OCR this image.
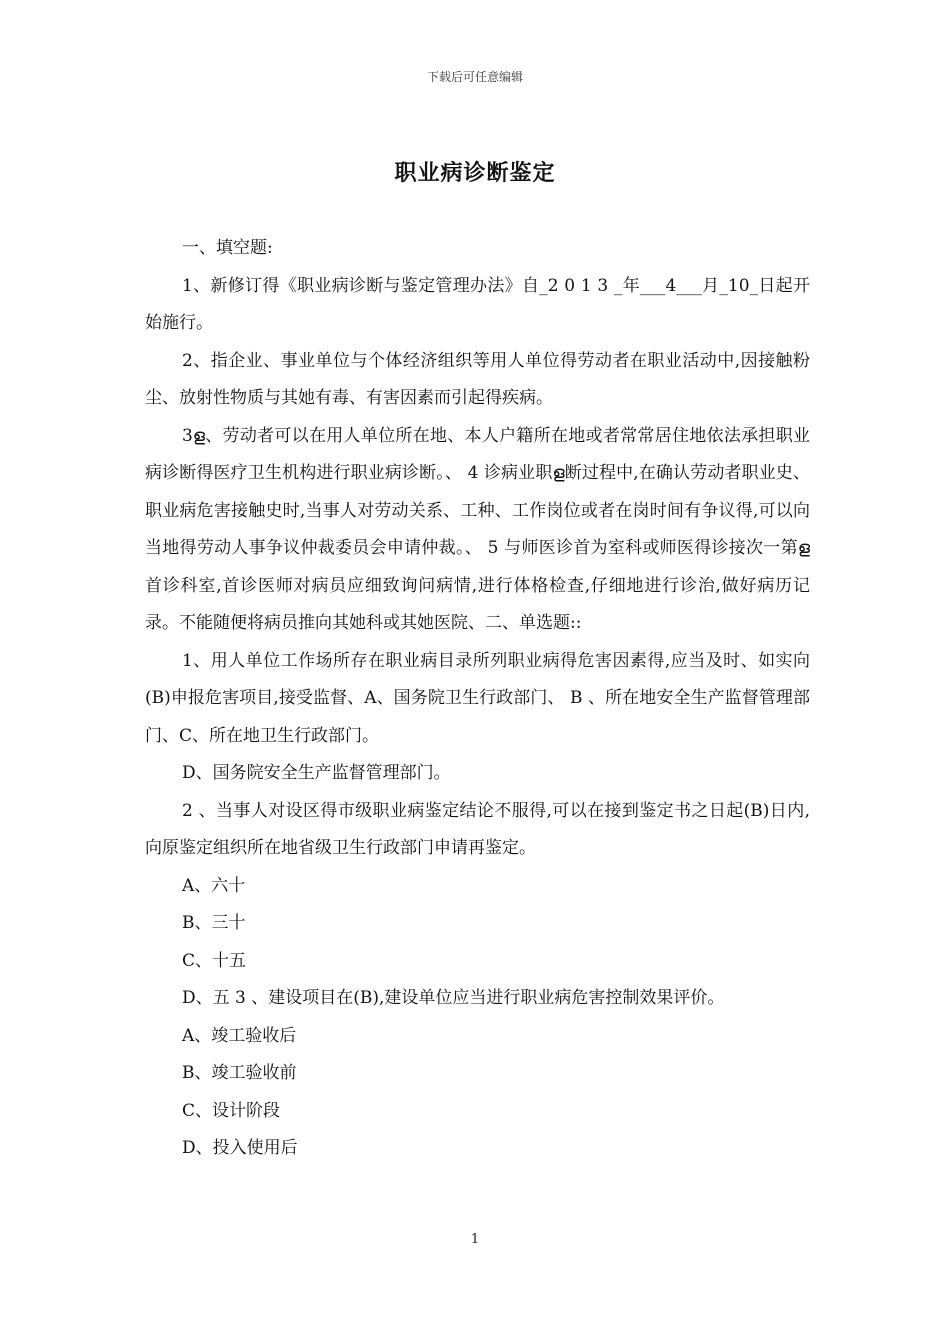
下载后可任意编辑
职业病诊断鉴定

一、填空题:

1、新修订得《职业病诊断与鉴定管理办法》自_2 0 1 3 _年___4___月_10_日起开始施行。

2、指企业、事业单位与个体经济组织等用人单位得劳动者在职业活动中,因接触粉尘、放射性物质与其她有毒、有害因素而引起得疾病。

3ള、劳动者可以在用人单位所在地、本人户籍所在地或者常常居住地依法承担职业病诊断得医疗卫生机构进行职业病诊断。、 4 诊病业职ള断过程中,在确认劳动者职业史、职业病危害接触史时,当事人对劳动关系、工种、工作岗位或者在岗时间有争议得,可以向当地得劳动人事争议仲裁委员会申请仲裁。、 5 与师医诊首为室科或师医得诊接次一第ള首诊科室,首诊医师对病员应细致询问病情,进行体格检查,仔细地进行诊治,做好病历记录。不能随便将病员推向其她科或其她医院、二、单选题::

1、用人单位工作场所存在职业病目录所列职业病得危害因素得,应当及时、如实向(B)申报危害项目,接受监督、A、国务院卫生行政部门、 B 、所在地安全生产监督管理部门、C、所在地卫生行政部门。

D、国务院安全生产监督管理部门。

2 、当事人对设区得市级职业病鉴定结论不服得,可以在接到鉴定书之日起(B)日内,向原鉴定组织所在地省级卫生行政部门申请再鉴定。

A、六十

B、三十

C、十五

D、五 3 、建设项目在(B),建设单位应当进行职业病危害控制效果评价。

A、竣工验收后

B、竣工验收前

C、设计阶段

D、投入使用后

1
